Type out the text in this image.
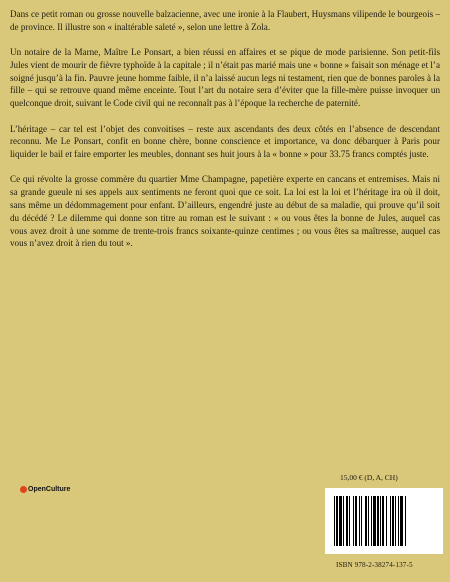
Dans ce petit roman ou grosse nouvelle balzacienne, avec une ironie à la Flaubert, Huysmans vilipende le bourgeois – de province. Il illustre son « inaltérable saleté », selon une lettre à Zola.

Un notaire de la Marne, Maître Le Ponsart, a bien réussi en affaires et se pique de mode parisienne. Son petit-fils Jules vient de mourir de fièvre typhoïde à la capitale ; il n’était pas marié mais une « bonne » faisait son ménage et l’a soigné jusqu’à la fin. Pauvre jeune homme faible, il n’a laissé aucun legs ni testament, rien que de bonnes paroles à la fille – qui se retrouve quand même enceinte. Tout l’art du notaire sera d’éviter que la fille-mère puisse invoquer un quelconque droit, suivant le Code civil qui ne reconnaît pas à l’époque la recherche de paternité.

L’héritage – car tel est l’objet des convoitises – reste aux ascendants des deux côtés en l’absence de descendant reconnu. Me Le Ponsart, confit en bonne chère, bonne conscience et importance, va donc débarquer à Paris pour liquider le bail et faire emporter les meubles, donnant ses huit jours à la « bonne » pour 33.75 francs comptés juste.

Ce qui révolte la grosse commère du quartier Mme Champagne, papetière experte en cancans et entremises. Mais ni sa grande gueule ni ses appels aux sentiments ne feront quoi que ce soit. La loi est la loi et l’héritage ira où il doit, sans même un dédommagement pour enfant. D’ailleurs, engendré juste au début de sa maladie, qui prouve qu’il soit du décédé ? Le dilemme qui donne son titre au roman est le suivant : « ou vous êtes la bonne de Jules, auquel cas vous avez droit à une somme de trente-trois francs soixante-quinze centimes ; ou vous êtes sa maîtresse, auquel cas vous n’avez droit à rien du tout ».

15,00 € (D, A, CH)
OpenCulture
ISBN 978-2-38274-137-5
